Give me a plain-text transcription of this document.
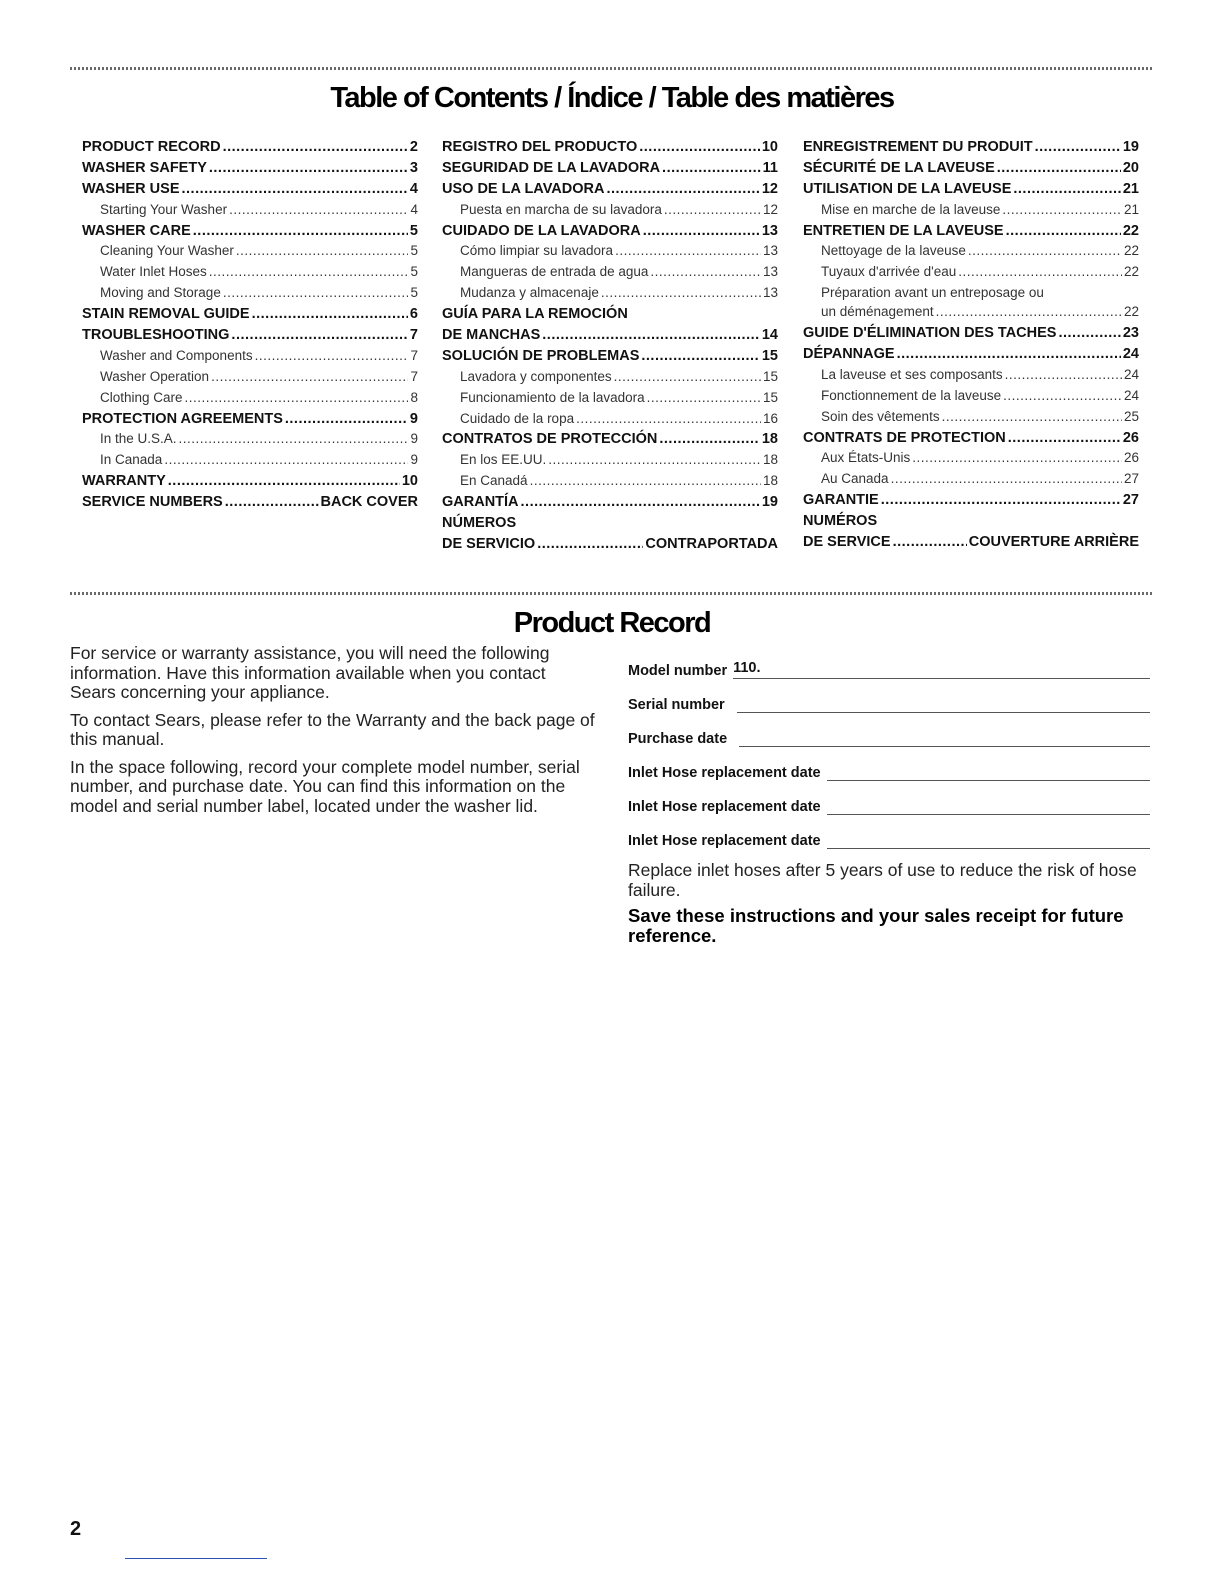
Table of Contents / Índice / Table des matières
PRODUCT RECORD .....	2
WASHER SAFETY .....	3
WASHER USE .....	4
Starting Your Washer .....	4
WASHER CARE .....	5
Cleaning Your Washer .....	5
Water Inlet Hoses .....	5
Moving and Storage .....	5
STAIN REMOVAL GUIDE .....	6
TROUBLESHOOTING .....	7
Washer and Components .....	7
Washer Operation .....	7
Clothing Care .....	8
PROTECTION AGREEMENTS .....	9
In the U.S.A. .....	9
In Canada .....	9
WARRANTY .....	10
SERVICE NUMBERS .....	BACK COVER
REGISTRO DEL PRODUCTO .....	10
SEGURIDAD DE LA LAVADORA .....	11
USO DE LA LAVADORA .....	12
Puesta en marcha de su lavadora .....	12
CUIDADO DE LA LAVADORA .....	13
Cómo limpiar su lavadora .....	13
Mangueras de entrada de agua .....	13
Mudanza y almacenaje .....	13
GUÍA PARA LA REMOCIÓN
DE MANCHAS .....	14
SOLUCIÓN DE PROBLEMAS .....	15
Lavadora y componentes .....	15
Funcionamiento de la lavadora .....	15
Cuidado de la ropa .....	16
CONTRATOS DE PROTECCIÓN .....	18
En los EE.UU. .....	18
En Canadá .....	18
GARANTÍA .....	19
NÚMEROS
DE SERVICIO .....	CONTRAPORTADA
ENREGISTREMENT DU PRODUIT .....	19
SÉCURITÉ DE LA LAVEUSE .....	20
UTILISATION DE LA LAVEUSE .....	21
Mise en marche de la laveuse .....	21
ENTRETIEN DE LA LAVEUSE .....	22
Nettoyage de la laveuse .....	22
Tuyaux d'arrivée d'eau .....	22
Préparation avant un entreposage ou
un déménagement .....	22
GUIDE D'ÉLIMINATION DES TACHES .....	23
DÉPANNAGE .....	24
La laveuse et ses composants .....	24
Fonctionnement de la laveuse .....	24
Soin des vêtements .....	25
CONTRATS DE PROTECTION .....	26
Aux États-Unis .....	26
Au Canada .....	27
GARANTIE .....	27
NUMÉROS
DE SERVICE .....	COUVERTURE ARRIÈRE
Product Record

For service or warranty assistance, you will need the following information. Have this information available when you contact Sears concerning your appliance.

To contact Sears, please refer to the Warranty and the back page of this manual.

In the space following, record your complete model number, serial number, and purchase date. You can find this information on the model and serial number label, located under the washer lid.

Model number 110.
Serial number
Purchase date
Inlet Hose replacement date
Inlet Hose replacement date
Inlet Hose replacement date

Replace inlet hoses after 5 years of use to reduce the risk of hose failure.

Save these instructions and your sales receipt for future reference.

2
